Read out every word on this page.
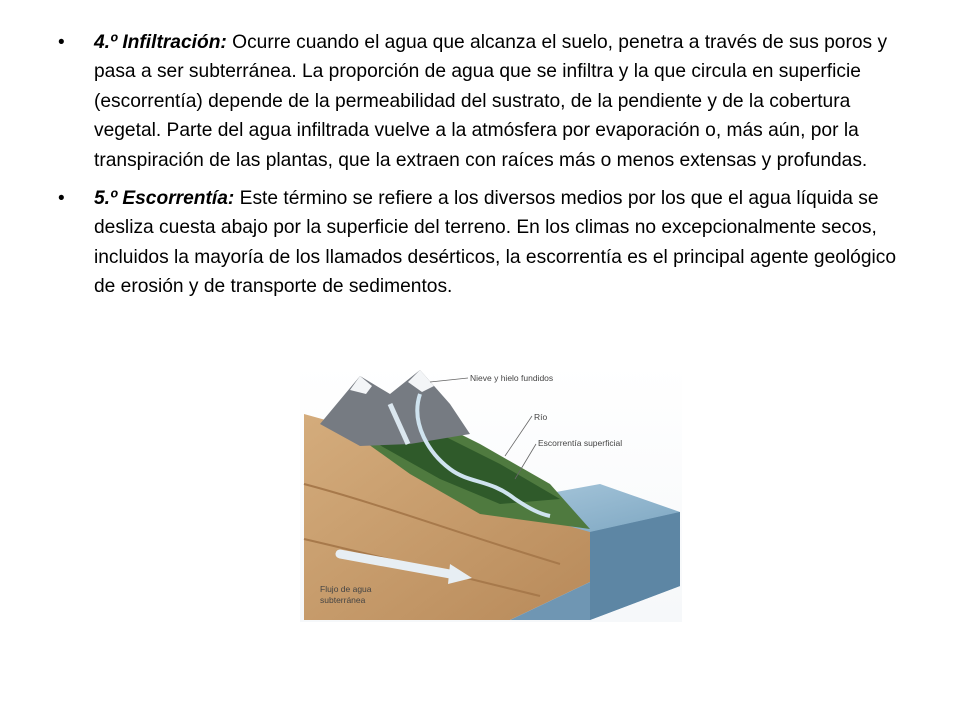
• 4.º Infiltración: Ocurre cuando el agua que alcanza el suelo, penetra a través de sus poros y pasa a ser subterránea. La proporción de agua que se infiltra y la que circula en superficie (escorrentía) depende de la permeabilidad del sustrato, de la pendiente y de la cobertura vegetal. Parte del agua infiltrada vuelve a la atmósfera por evaporación o, más aún, por la transpiración de las plantas, que la extraen con raíces más o menos extensas y profundas.
• 5.º Escorrentía: Este término se refiere a los diversos medios por los que el agua líquida se desliza cuesta abajo por la superficie del terreno. En los climas no excepcionalmente secos, incluidos la mayoría de los llamados desérticos, la escorrentía es el principal agente geológico de erosión y de transporte de sedimentos.
Nieve y hielo fundidos
Río
Escorrentía superficial
Flujo de agua
subterránea
